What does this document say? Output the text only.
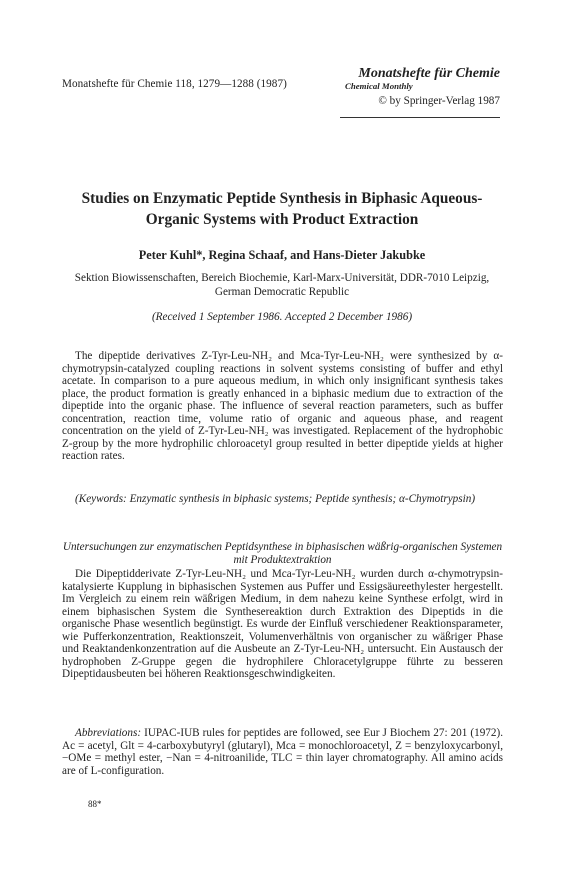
Monatshefte für Chemie 118, 1279—1288 (1987)
Monatshefte für Chemie
Chemical Monthly
© by Springer-Verlag 1987
Studies on Enzymatic Peptide Synthesis in Biphasic Aqueous-Organic Systems with Product Extraction
Peter Kuhl*, Regina Schaaf, and Hans-Dieter Jakubke
Sektion Biowissenschaften, Bereich Biochemie, Karl-Marx-Universität, DDR-7010 Leipzig, German Democratic Republic
(Received 1 September 1986. Accepted 2 December 1986)
The dipeptide derivatives Z-Tyr-Leu-NH₂ and Mca-Tyr-Leu-NH₂ were synthesized by α-chymotrypsin-catalyzed coupling reactions in solvent systems consisting of buffer and ethyl acetate. In comparison to a pure aqueous medium, in which only insignificant synthesis takes place, the product formation is greatly enhanced in a biphasic medium due to extraction of the dipeptide into the organic phase. The influence of several reaction parameters, such as buffer concentration, reaction time, volume ratio of organic and aqueous phase, and reagent concentration on the yield of Z-Tyr-Leu-NH₂ was investigated. Replacement of the hydrophobic Z-group by the more hydrophilic chloroacetyl group resulted in better dipeptide yields at higher reaction rates.
(Keywords: Enzymatic synthesis in biphasic systems; Peptide synthesis; α-Chymotrypsin)
Untersuchungen zur enzymatischen Peptidsynthese in biphasischen wäßrig-organischen Systemen mit Produktextraktion
Die Dipeptidderivate Z-Tyr-Leu-NH₂ und Mca-Tyr-Leu-NH₂ wurden durch α-chymotrypsin-katalysierte Kupplung in biphasischen Systemen aus Puffer und Essigsäureethylester hergestellt. Im Vergleich zu einem rein wäßrigen Medium, in dem nahezu keine Synthese erfolgt, wird in einem biphasischen System die Synthesereaktion durch Extraktion des Dipeptids in die organische Phase wesentlich begünstigt. Es wurde der Einfluß verschiedener Reaktionsparameter, wie Pufferkonzentration, Reaktionszeit, Volumenverhältnis von organischer zu wäßriger Phase und Reaktandenkonzentration auf die Ausbeute an Z-Tyr-Leu-NH₂ untersucht. Ein Austausch der hydrophoben Z-Gruppe gegen die hydrophilere Chloracetylgruppe führte zu besseren Dipeptidausbeuten bei höheren Reaktionsgeschwindigkeiten.
Abbreviations: IUPAC-IUB rules for peptides are followed, see Eur J Biochem 27: 201 (1972). Ac = acetyl, Glt = 4-carboxybutyryl (glutaryl), Mca = monochloroacetyl, Z = benzyloxycarbonyl, −OMe = methyl ester, −Nan = 4-nitroanilide, TLC = thin layer chromatography. All amino acids are of L-configuration.
88*
